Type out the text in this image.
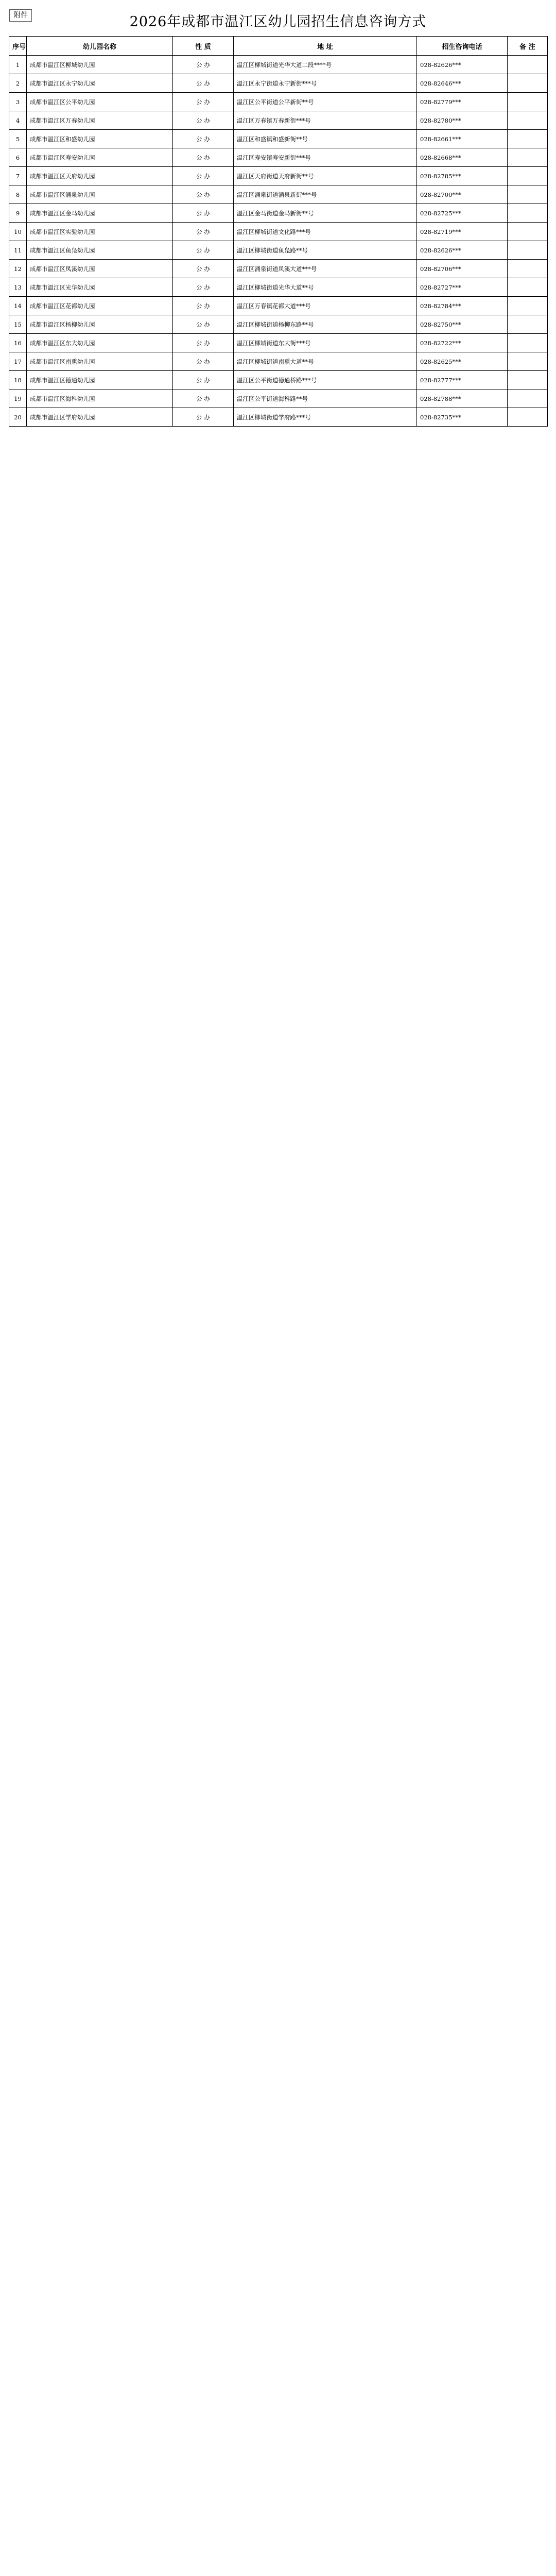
附件	2026年成都市温江区幼儿园招生信息咨询方式
序号	幼儿园名称	性 质	地 址	招生咨询电话	备 注
1	成都市温江区柳城幼儿园	公 办	温江区柳城街道光华大道二段****号	028-82626***	
2	成都市温江区永宁幼儿园	公 办	温江区永宁街道永宁新街***号	028-82646***	
3	成都市温江区公平幼儿园	公 办	温江区公平街道公平新街**号	028-82779***	
4	成都市温江区万春幼儿园	公 办	温江区万春镇万春新街***号	028-82780***	
5	成都市温江区和盛幼儿园	公 办	温江区和盛镇和盛新街**号	028-82661***	
6	成都市温江区寿安幼儿园	公 办	温江区寿安镇寿安新街***号	028-82668***	
7	成都市温江区天府幼儿园	公 办	温江区天府街道天府新街**号	028-82785***	
8	成都市温江区涌泉幼儿园	公 办	温江区涌泉街道涌泉新街***号	028-82700***	
9	成都市温江区金马幼儿园	公 办	温江区金马街道金马新街**号	028-82725***	
10	成都市温江区实验幼儿园	公 办	温江区柳城街道文化路***号	028-82719***	
11	成都市温江区鱼凫幼儿园	公 办	温江区柳城街道鱼凫路**号	028-82626***	
12	成都市温江区凤溪幼儿园	公 办	温江区涌泉街道凤溪大道***号	028-82706***	
13	成都市温江区光华幼儿园	公 办	温江区柳城街道光华大道**号	028-82727***	
14	成都市温江区花都幼儿园	公 办	温江区万春镇花都大道***号	028-82784***	
15	成都市温江区杨柳幼儿园	公 办	温江区柳城街道杨柳东路**号	028-82750***	
16	成都市温江区东大幼儿园	公 办	温江区柳城街道东大街***号	028-82722***	
17	成都市温江区南熏幼儿园	公 办	温江区柳城街道南熏大道**号	028-82625***	
18	成都市温江区德通幼儿园	公 办	温江区公平街道德通桥路***号	028-82777***	
19	成都市温江区海科幼儿园	公 办	温江区公平街道海科路**号	028-82788***	
20	成都市温江区学府幼儿园	公 办	温江区柳城街道学府路***号	028-82735***	
